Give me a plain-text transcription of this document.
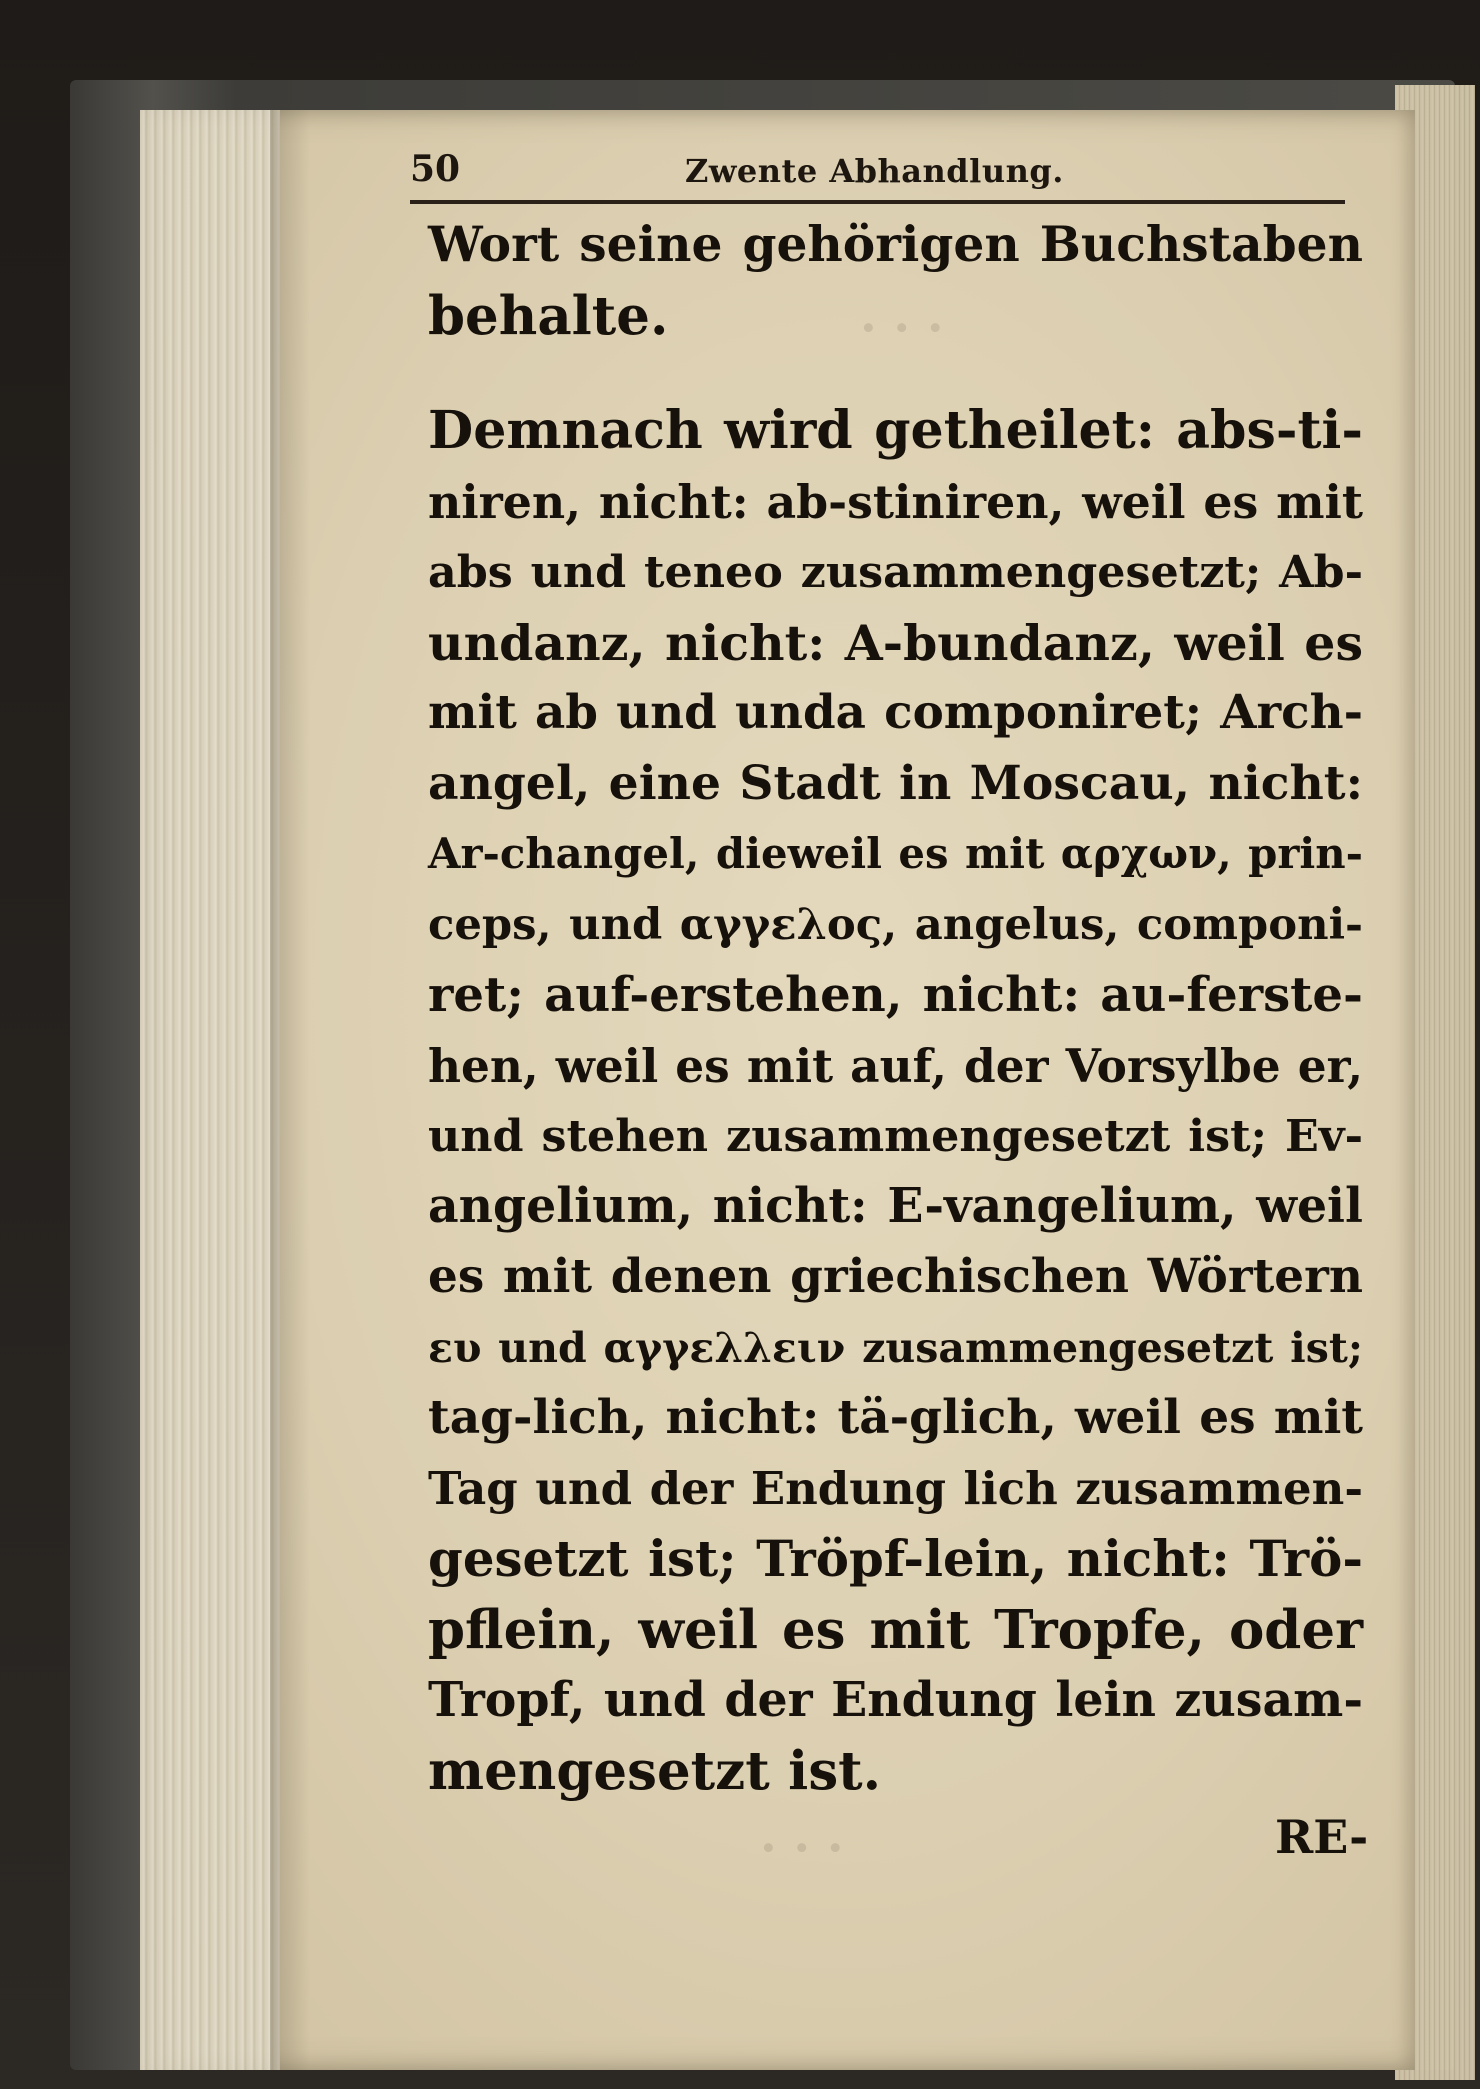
· · ·
· · ·
50	Zwente Abhandlung.
Wort seine gehörigen Buchstaben
behalte.
Demnach wird getheilet: abs-ti-
niren, nicht: ab-stiniren, weil es mit
abs und teneo zusammengesetzt; Ab-
undanz, nicht: A-bundanz, weil es
mit ab und unda componiret; Arch-
angel, eine Stadt in Moscau, nicht:
Ar-changel, dieweil es mit αρχων, prin-
ceps, und αγγελος, angelus, componi-
ret; auf-erstehen, nicht: au-ferste-
hen, weil es mit auf, der Vorsylbe er,
und stehen zusammengesetzt ist; Ev-
angelium, nicht: E-vangelium, weil
es mit denen griechischen Wörtern
ευ und αγγελλειν zusammengesetzt ist;
tag-lich, nicht: tä-glich, weil es mit
Tag und der Endung lich zusammen-
gesetzt ist; Tröpf-lein, nicht: Trö-
pflein, weil es mit Tropfe, oder
Tropf, und der Endung lein zusam-
mengesetzt ist.
RE-
